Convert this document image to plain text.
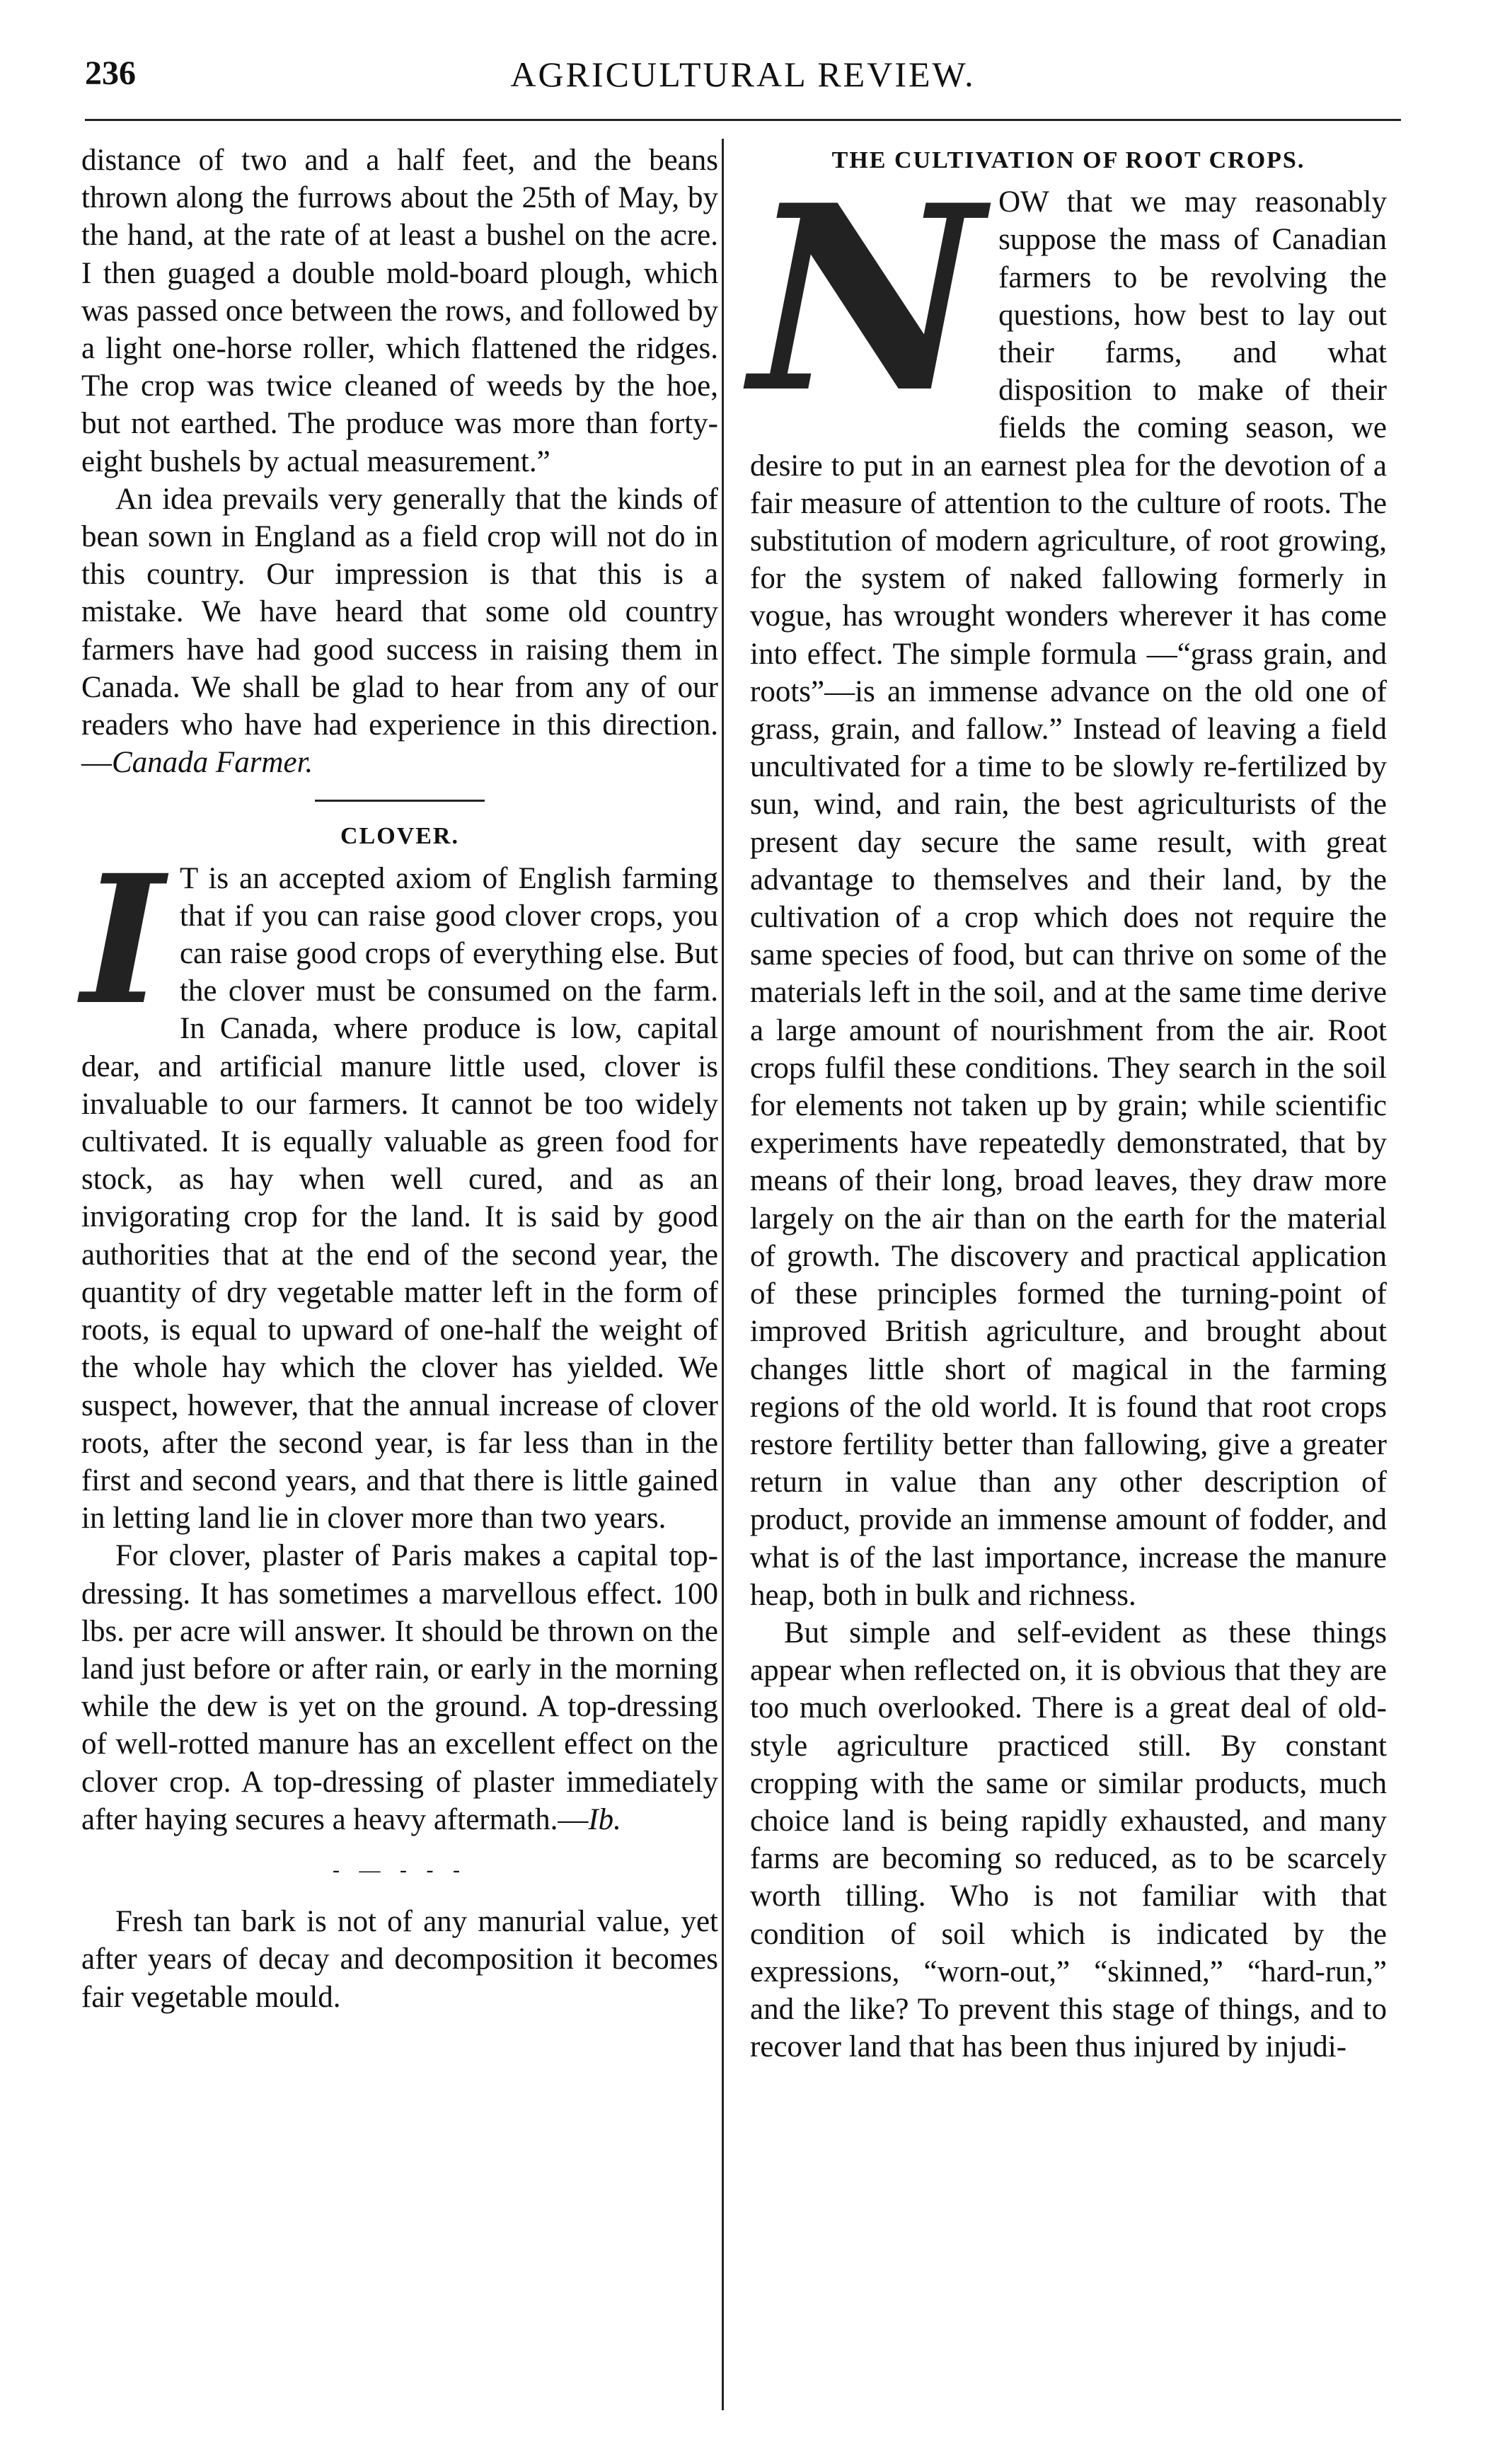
236	AGRICULTURAL REVIEW.

distance of two and a half feet, and the beans thrown along the furrows about the 25th of May, by the hand, at the rate of at least a bushel on the acre. I then guaged a double mold-board plough, which was passed once between the rows, and followed by a light one-horse roller, which flattened the ridges. The crop was twice cleaned of weeds by the hoe, but not earthed. The produce was more than forty-eight bushels by actual measurement.”

An idea prevails very generally that the kinds of bean sown in England as a field crop will not do in this country. Our impression is that this is a mistake. We have heard that some old country farmers have had good success in raising them in Canada. We shall be glad to hear from any of our readers who have had experience in this direction.—Canada Farmer.

CLOVER.

I T is an accepted axiom of English farming that if you can raise good clover crops, you can raise good crops of everything else. But the clover must be consumed on the farm. In Canada, where produce is low, capital dear, and artificial manure little used, clover is invaluable to our farmers. It cannot be too widely cultivated. It is equally valuable as green food for stock, as hay when well cured, and as an invigorating crop for the land. It is said by good authorities that at the end of the second year, the quantity of dry vegetable matter left in the form of roots, is equal to upward of one-half the weight of the whole hay which the clover has yielded. We suspect, however, that the annual increase of clover roots, after the second year, is far less than in the first and second years, and that there is little gained in letting land lie in clover more than two years.

For clover, plaster of Paris makes a capital top-dressing. It has sometimes a marvellous effect. 100 lbs. per acre will answer. It should be thrown on the land just before or after rain, or early in the morning while the dew is yet on the ground. A top-dressing of well-rotted manure has an excellent effect on the clover crop. A top-dressing of plaster immediately after haying secures a heavy aftermath.—Ib.

- — - - -

Fresh tan bark is not of any manurial value, yet after years of decay and decomposition it becomes fair vegetable mould.

THE CULTIVATION OF ROOT CROPS.

NOW that we may reasonably suppose the mass of Canadian farmers to be revolving the questions, how best to lay out their farms, and what disposition to make of their fields the coming season, we desire to put in an earnest plea for the devotion of a fair measure of attention to the culture of roots. The substitution of modern agriculture, of root growing, for the system of naked fallowing formerly in vogue, has wrought wonders wherever it has come into effect. The simple formula —“grass grain, and roots”—is an immense advance on the old one of grass, grain, and fallow.” Instead of leaving a field uncultivated for a time to be slowly re-fertilized by sun, wind, and rain, the best agriculturists of the present day secure the same result, with great advantage to themselves and their land, by the cultivation of a crop which does not require the same species of food, but can thrive on some of the materials left in the soil, and at the same time derive a large amount of nourishment from the air. Root crops fulfil these conditions. They search in the soil for elements not taken up by grain; while scientific experiments have repeatedly demonstrated, that by means of their long, broad leaves, they draw more largely on the air than on the earth for the material of growth. The discovery and practical application of these principles formed the turning-point of improved British agriculture, and brought about changes little short of magical in the farming regions of the old world. It is found that root crops restore fertility better than fallowing, give a greater return in value than any other description of product, provide an immense amount of fodder, and what is of the last importance, increase the manure heap, both in bulk and richness.

But simple and self-evident as these things appear when reflected on, it is obvious that they are too much overlooked. There is a great deal of old-style agriculture practiced still. By constant cropping with the same or similar products, much choice land is being rapidly exhausted, and many farms are becoming so reduced, as to be scarcely worth tilling. Who is not familiar with that condition of soil which is indicated by the expressions, “worn-out,” “skinned,” “hard-run,” and the like? To prevent this stage of things, and to recover land that has been thus injured by injudi-
